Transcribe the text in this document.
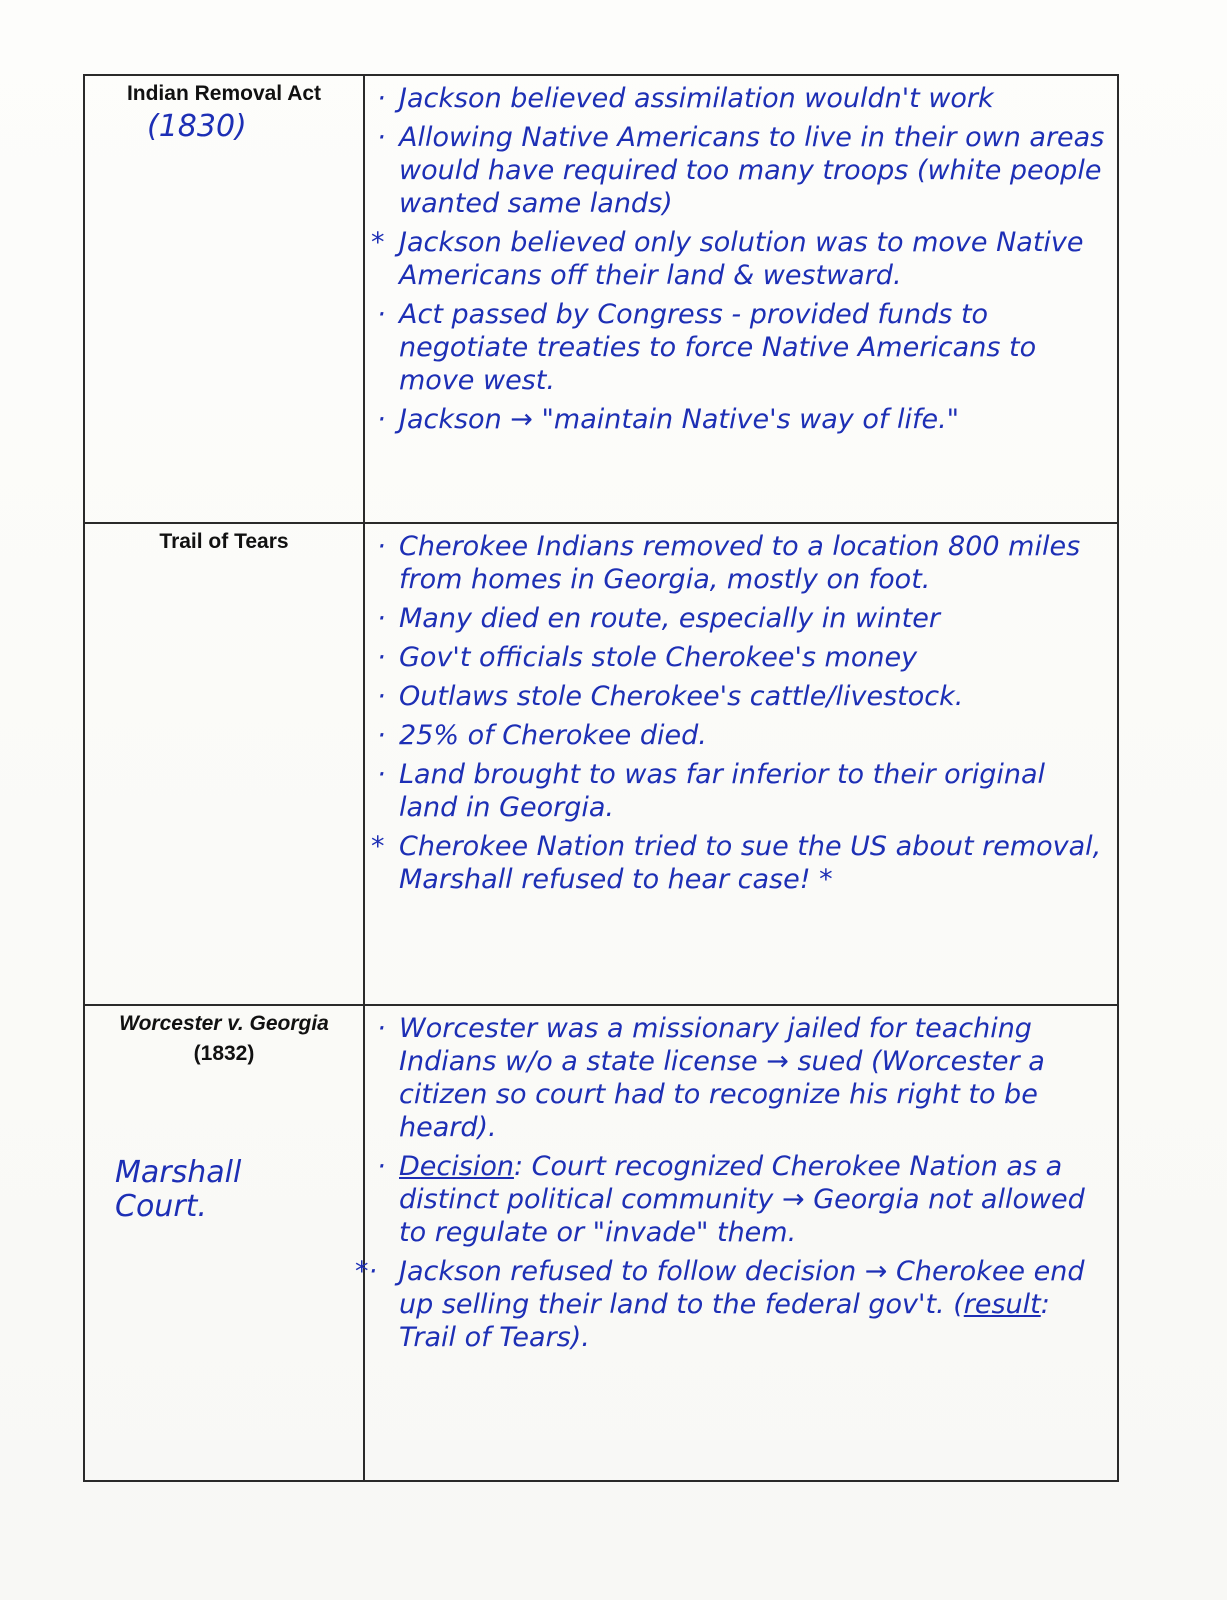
Indian Removal Act
(1830)
· Jackson believed assimilation wouldn't work
· Allowing Native Americans to live in their own areas would have required too many troops (white people wanted same lands)
* Jackson believed only solution was to move Native Americans off their land & westward.
· Act passed by Congress - provided funds to negotiate treaties to force Native Americans to move west.
· Jackson → "maintain Native's way of life."
Trail of Tears	· Cherokee Indians removed to a location 800 miles from homes in Georgia, mostly on foot.
· Many died en route, especially in winter
· Gov't officials stole Cherokee's money
· Outlaws stole Cherokee's cattle/livestock.
· 25% of Cherokee died.
· Land brought to was far inferior to their original land in Georgia.
* Cherokee Nation tried to sue the US about removal, Marshall refused to hear case! *
Worcester v. Georgia
(1832)
Marshall Court.
· Worcester was a missionary jailed for teaching Indians w/o a state license → sued (Worcester a citizen so court had to recognize his right to be heard).
· Decision: Court recognized Cherokee Nation as a distinct political community → Georgia not allowed to regulate or "invade" them.
*· Jackson refused to follow decision → Cherokee end up selling their land to the federal gov't. (result: Trail of Tears).
